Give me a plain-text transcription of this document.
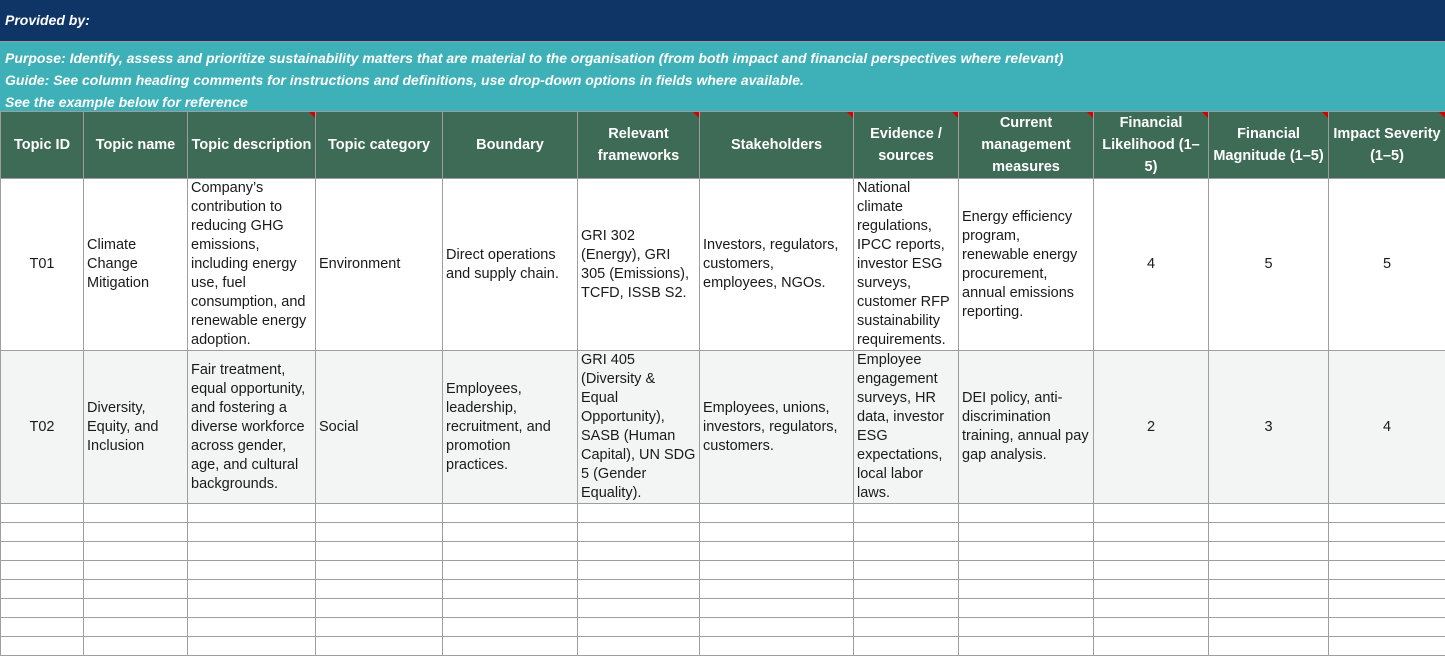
Provided by:
Purpose: Identify, assess and prioritize sustainability matters that are material to the organisation (from both impact and financial perspectives where relevant)
Guide: See column heading comments for instructions and definitions, use drop-down options in fields where available.
See the example below for reference
Topic ID	Topic name	Topic description	Topic category	Boundary	Relevant frameworks	Stakeholders	Evidence / sources	Current management measures	Financial Likelihood (1–5)	Financial Magnitude (1–5)	Impact Severity (1–5)
T01	Climate Change Mitigation	Company’s contribution to reducing GHG emissions, including energy use, fuel consumption, and renewable energy adoption.	Environment	Direct operations and supply chain.	GRI 302 (Energy), GRI 305 (Emissions), TCFD, ISSB S2.	Investors, regulators, customers, employees, NGOs.	National climate regulations, IPCC reports, investor ESG surveys, customer RFP sustainability requirements.	Energy efficiency program, renewable energy procurement, annual emissions reporting.	4	5	5
T02	Diversity, Equity, and Inclusion	Fair treatment, equal opportunity, and fostering a diverse workforce across gender, age, and cultural backgrounds.	Social	Employees, leadership, recruitment, and promotion practices.	GRI 405 (Diversity & Equal Opportunity), SASB (Human Capital), UN SDG 5 (Gender Equality).	Employees, unions, investors, regulators, customers.	Employee engagement surveys, HR data, investor ESG expectations, local labor laws.	DEI policy, anti-discrimination training, annual pay gap analysis.	2	3	4
